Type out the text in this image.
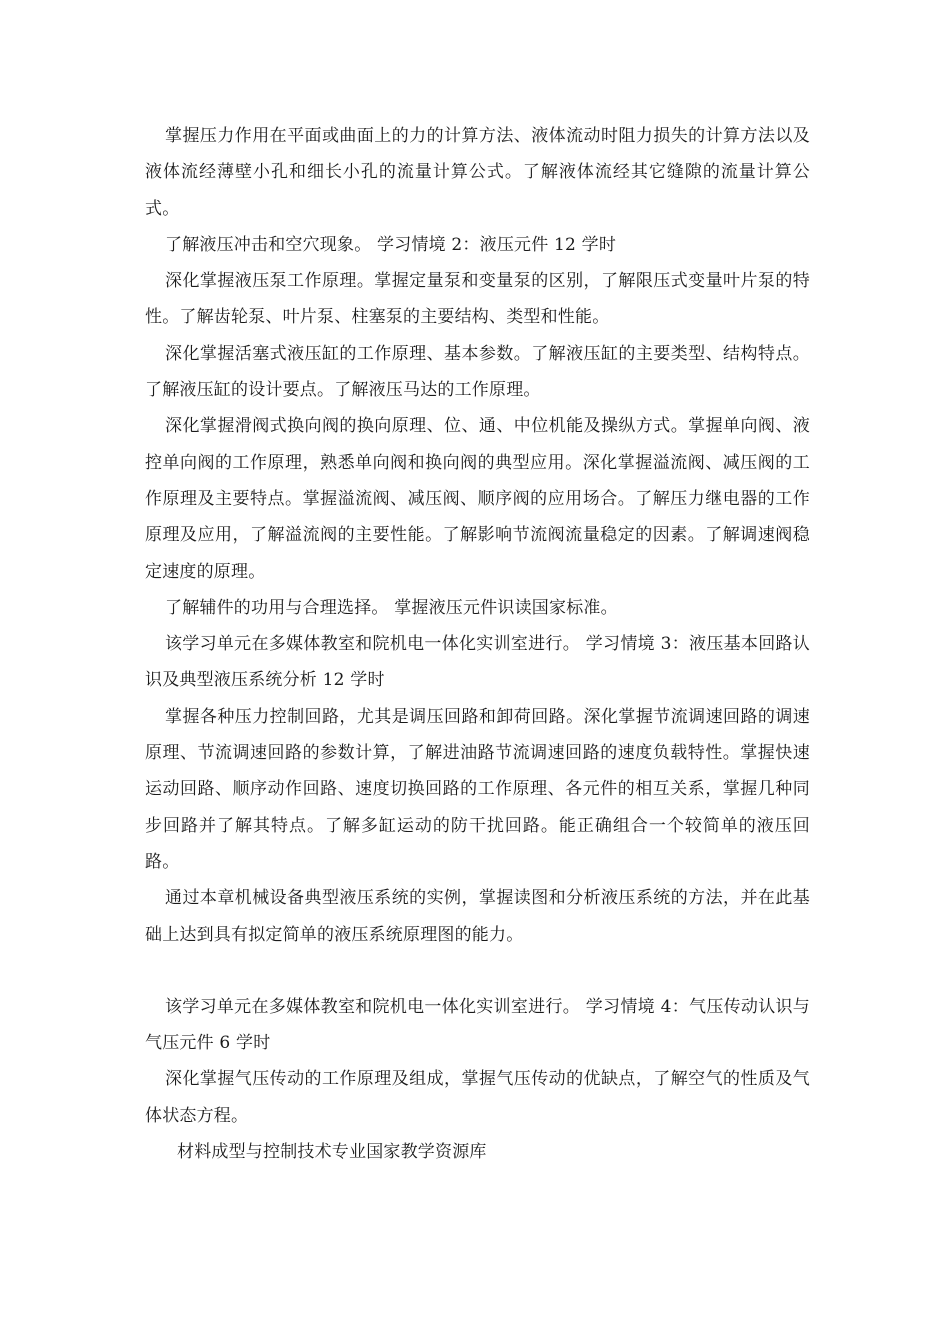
掌握压力作用在平面或曲面上的力的计算方法、液体流动时阻力损失的计算方法以及液体流经薄壁小孔和细长小孔的流量计算公式。了解液体流经其它缝隙的流量计算公式。

了解液压冲击和空穴现象。 学习情境 2：液压元件 12 学时

深化掌握液压泵工作原理。掌握定量泵和变量泵的区别，了解限压式变量叶片泵的特性。了解齿轮泵、叶片泵、柱塞泵的主要结构、类型和性能。

深化掌握活塞式液压缸的工作原理、基本参数。了解液压缸的主要类型、结构特点。了解液压缸的设计要点。了解液压马达的工作原理。

深化掌握滑阀式换向阀的换向原理、位、通、中位机能及操纵方式。掌握单向阀、液控单向阀的工作原理，熟悉单向阀和换向阀的典型应用。深化掌握溢流阀、减压阀的工作原理及主要特点。掌握溢流阀、减压阀、顺序阀的应用场合。了解压力继电器的工作原理及应用，了解溢流阀的主要性能。了解影响节流阀流量稳定的因素。了解调速阀稳定速度的原理。

了解辅件的功用与合理选择。 掌握液压元件识读国家标准。

该学习单元在多媒体教室和院机电一体化实训室进行。 学习情境 3：液压基本回路认识及典型液压系统分析 12 学时

掌握各种压力控制回路，尤其是调压回路和卸荷回路。深化掌握节流调速回路的调速原理、节流调速回路的参数计算，了解进油路节流调速回路的速度负载特性。掌握快速运动回路、顺序动作回路、速度切换回路的工作原理、各元件的相互关系，掌握几种同步回路并了解其特点。了解多缸运动的防干扰回路。能正确组合一个较简单的液压回路。

通过本章机械设备典型液压系统的实例，掌握读图和分析液压系统的方法，并在此基础上达到具有拟定简单的液压系统原理图的能力。

该学习单元在多媒体教室和院机电一体化实训室进行。 学习情境 4：气压传动认识与气压元件 6 学时

深化掌握气压传动的工作原理及组成，掌握气压传动的优缺点，了解空气的性质及气体状态方程。

材料成型与控制技术专业国家教学资源库
